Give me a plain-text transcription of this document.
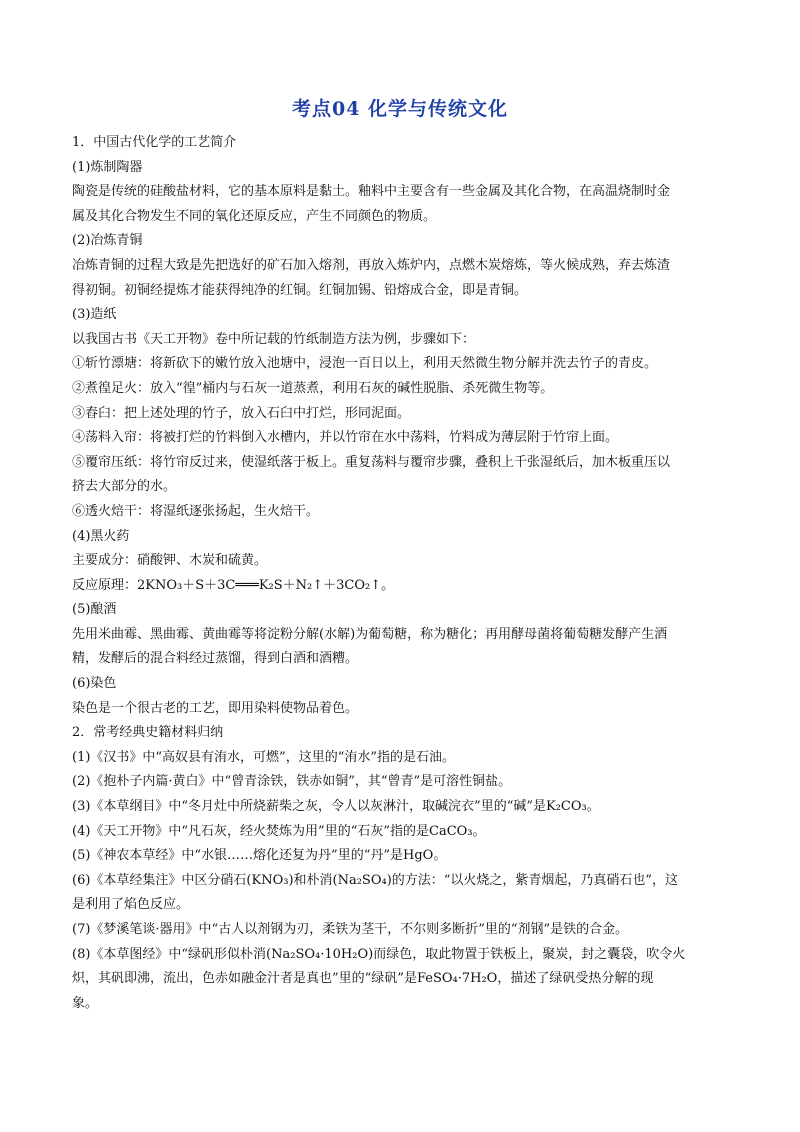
考点04 化学与传统文化

1．中国古代化学的工艺简介

(1)炼制陶器

陶瓷是传统的硅酸盐材料，它的基本原料是黏土。釉料中主要含有一些金属及其化合物，在高温烧制时金

属及其化合物发生不同的氧化还原反应，产生不同颜色的物质。

(2)冶炼青铜

冶炼青铜的过程大致是先把选好的矿石加入熔剂，再放入炼炉内，点燃木炭熔炼，等火候成熟，弃去炼渣

得初铜。初铜经提炼才能获得纯净的红铜。红铜加锡、铅熔成合金，即是青铜。

(3)造纸

以我国古书《天工开物》卷中所记载的竹纸制造方法为例，步骤如下：

①斩竹漂塘：将新砍下的嫩竹放入池塘中，浸泡一百日以上，利用天然微生物分解并洗去竹子的青皮。

②煮徨足火：放入“徨”桶内与石灰一道蒸煮，利用石灰的碱性脱脂、杀死微生物等。

③舂臼：把上述处理的竹子，放入石臼中打烂，形同泥面。

④荡料入帘：将被打烂的竹料倒入水槽内，并以竹帘在水中荡料，竹料成为薄层附于竹帘上面。

⑤覆帘压纸：将竹帘反过来，使湿纸落于板上。重复荡料与覆帘步骤，叠积上千张湿纸后，加木板重压以

挤去大部分的水。

⑥透火焙干：将湿纸逐张扬起，生火焙干。

(4)黑火药

主要成分：硝酸钾、木炭和硫黄。

反应原理：2KNO₃＋S＋3C═══K₂S＋N₂↑＋3CO₂↑。

(5)酿酒

先用米曲霉、黑曲霉、黄曲霉等将淀粉分解(水解)为葡萄糖，称为糖化；再用酵母菌将葡萄糖发酵产生酒

精，发酵后的混合料经过蒸馏，得到白酒和酒糟。

(6)染色

染色是一个很古老的工艺，即用染料使物品着色。

2．常考经典史籍材料归纳

(1)《汉书》中“高奴县有洧水，可燃”，这里的“洧水”指的是石油。

(2)《抱朴子内篇·黄白》中“曾青涂铁，铁赤如铜”，其“曾青”是可溶性铜盐。

(3)《本草纲目》中“冬月灶中所烧薪柴之灰，令人以灰淋汁，取碱浣衣”里的“碱”是K₂CO₃。

(4)《天工开物》中“凡石灰，经火焚炼为用”里的“石灰”指的是CaCO₃。

(5)《神农本草经》中“水银……熔化还复为丹”里的“丹”是HgO。

(6)《本草经集注》中区分硝石(KNO₃)和朴消(Na₂SO₄)的方法：“以火烧之，紫青烟起，乃真硝石也”，这

是利用了焰色反应。

(7)《梦溪笔谈·器用》中“古人以剂钢为刃，柔铁为茎干，不尔则多断折”里的“剂钢”是铁的合金。

(8)《本草图经》中“绿矾形似朴消(Na₂SO₄·10H₂O)而绿色，取此物置于铁板上，聚炭，封之囊袋，吹令火

炽，其矾即沸，流出，色赤如融金汁者是真也”里的“绿矾”是FeSO₄·7H₂O，描述了绿矾受热分解的现

象。
